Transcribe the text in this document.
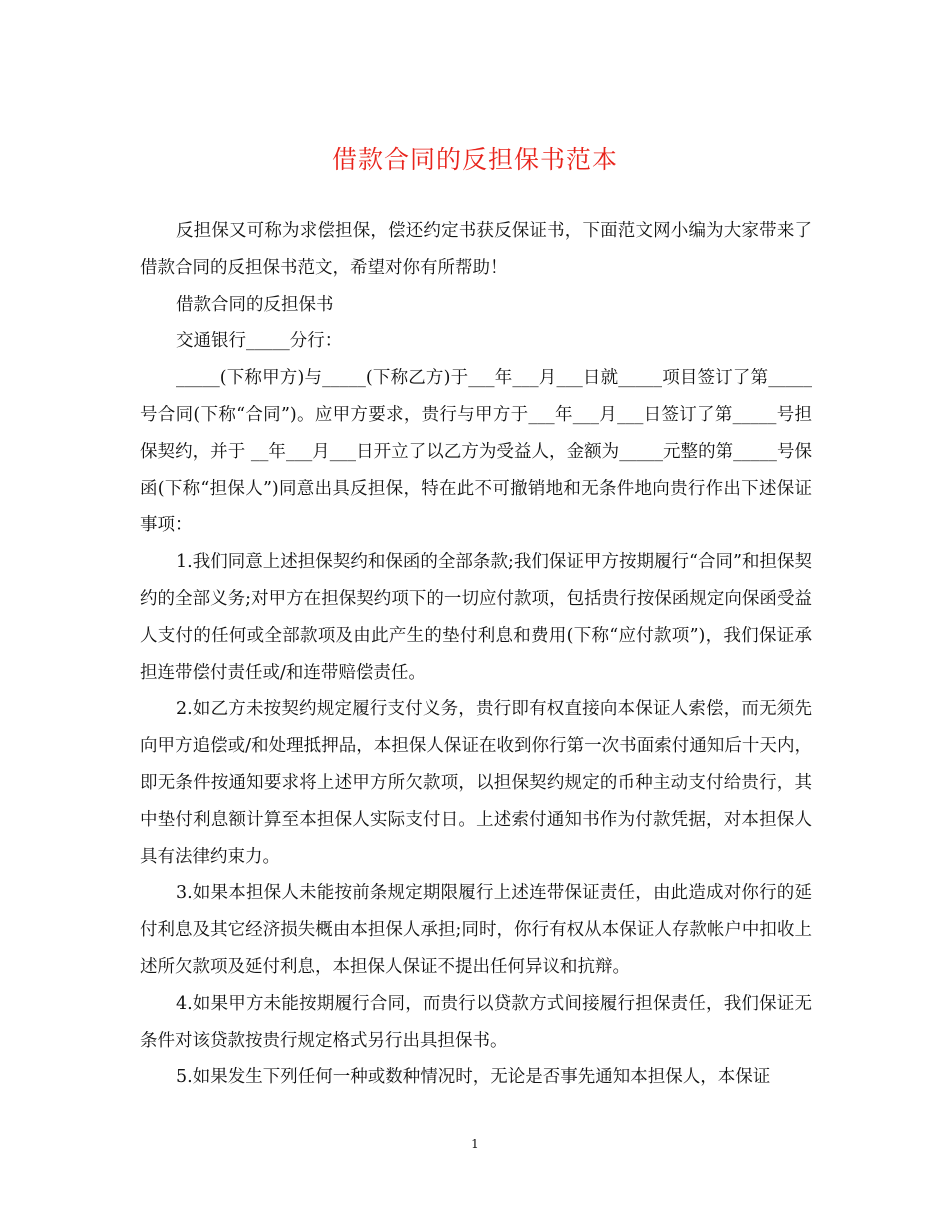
借款合同的反担保书范本

反担保又可称为求偿担保，偿还约定书获反保证书，下面范文网小编为大家带来了借款合同的反担保书范文，希望对你有所帮助！

借款合同的反担保书

交通银行_____分行：

_____(下称甲方)与_____(下称乙方)于___年___月___日就_____项目签订了第_____号合同(下称“合同”)。应甲方要求，贵行与甲方于___年___月___日签订了第_____号担保契约，并于 __年___月___日开立了以乙方为受益人，金额为_____元整的第_____号保函(下称“担保人”)同意出具反担保，特在此不可撤销地和无条件地向贵行作出下述保证事项：

1.我们同意上述担保契约和保函的全部条款;我们保证甲方按期履行“合同”和担保契约的全部义务;对甲方在担保契约项下的一切应付款项，包括贵行按保函规定向保函受益人支付的任何或全部款项及由此产生的垫付利息和费用(下称“应付款项”)，我们保证承担连带偿付责任或/和连带赔偿责任。

2.如乙方未按契约规定履行支付义务，贵行即有权直接向本保证人索偿，而无须先向甲方追偿或/和处理抵押品，本担保人保证在收到你行第一次书面索付通知后十天内，即无条件按通知要求将上述甲方所欠款项，以担保契约规定的币种主动支付给贵行，其中垫付利息额计算至本担保人实际支付日。上述索付通知书作为付款凭据，对本担保人具有法律约束力。

3.如果本担保人未能按前条规定期限履行上述连带保证责任，由此造成对你行的延付利息及其它经济损失概由本担保人承担;同时，你行有权从本保证人存款帐户中扣收上述所欠款项及延付利息，本担保人保证不提出任何异议和抗辩。

4.如果甲方未能按期履行合同，而贵行以贷款方式间接履行担保责任，我们保证无条件对该贷款按贵行规定格式另行出具担保书。

5.如果发生下列任何一种或数种情况时，无论是否事先通知本担保人，本保证

1
